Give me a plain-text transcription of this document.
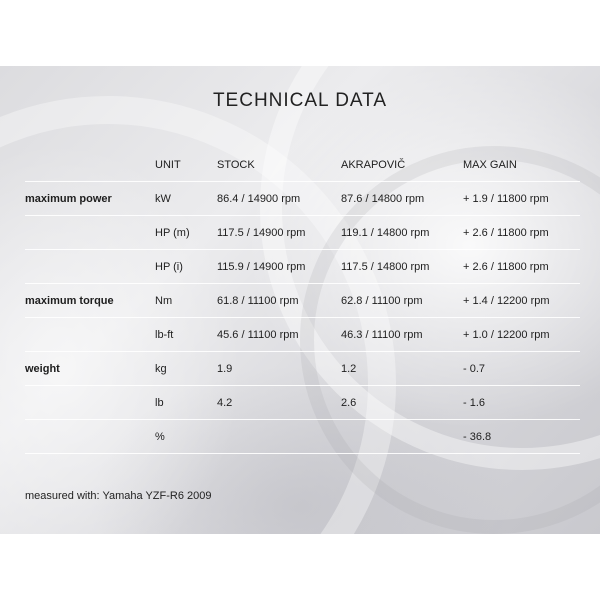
TECHNICAL DATA
	UNIT	STOCK	AKRAPOVIČ	MAX GAIN
maximum power	kW	86.4 / 14900 rpm	87.6 / 14800 rpm	+ 1.9 / 11800 rpm
	HP (m)	117.5 / 14900 rpm	119.1 / 14800 rpm	+ 2.6 / 11800 rpm
	HP (i)	115.9 / 14900 rpm	117.5 / 14800 rpm	+ 2.6 / 11800 rpm
maximum torque	Nm	61.8 / 11100 rpm	62.8 / 11100 rpm	+ 1.4 / 12200 rpm
	lb-ft	45.6 / 11100 rpm	46.3 / 11100 rpm	+ 1.0 / 12200 rpm
weight	kg	1.9	1.2	- 0.7
	lb	4.2	2.6	- 1.6
	%			- 36.8
measured with: Yamaha YZF-R6 2009
